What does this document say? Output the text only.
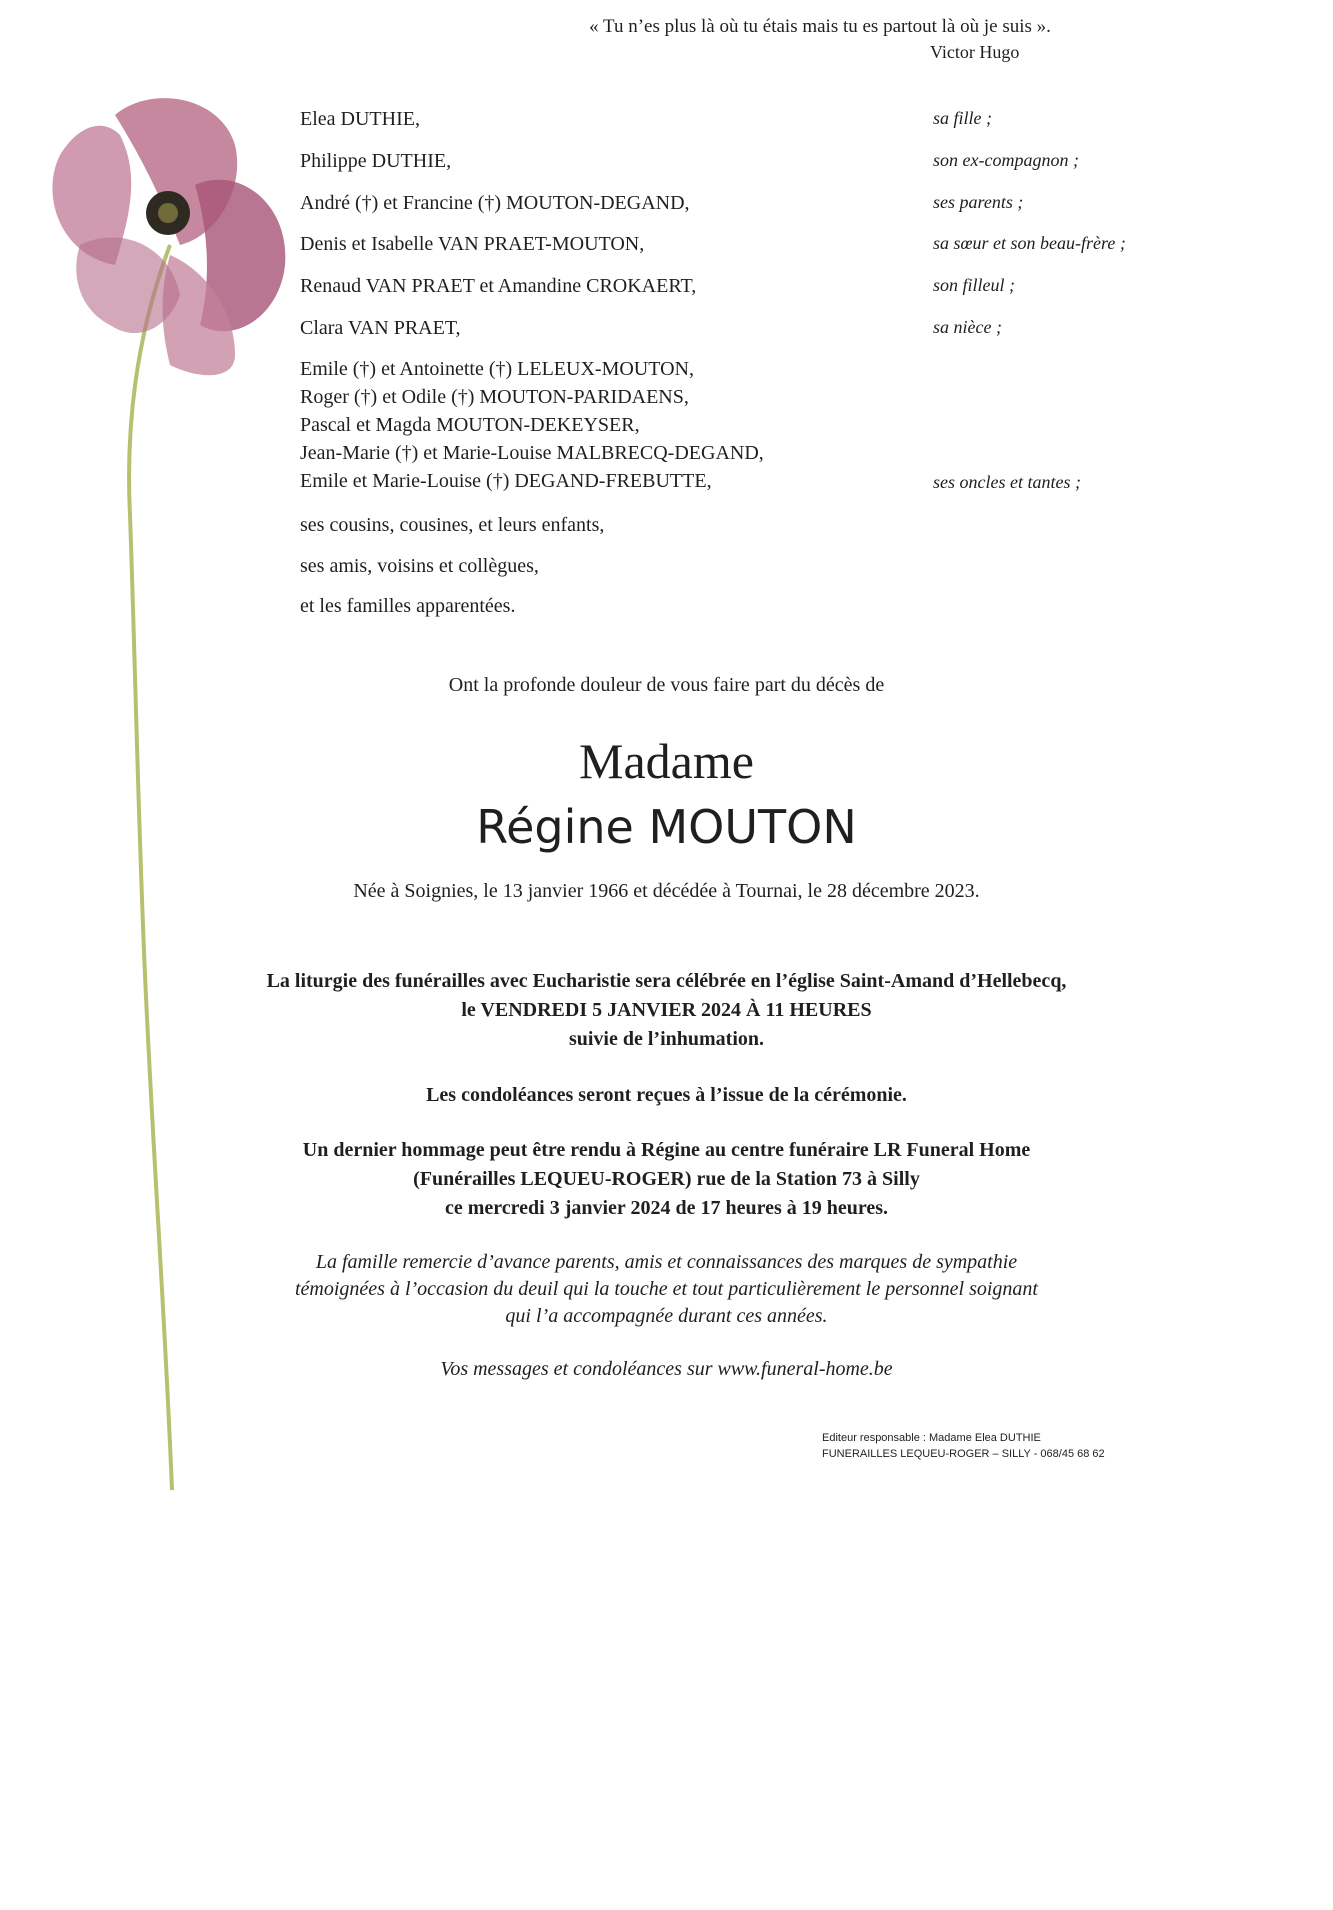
« Tu n’es plus là où tu étais mais tu es partout là où je suis ».
Victor Hugo
Elea DUTHIE,	sa fille ;
Philippe DUTHIE,	son ex-compagnon ;
André (†) et Francine (†) MOUTON-DEGAND,	ses parents ;
Denis et Isabelle VAN PRAET-MOUTON,	sa sœur et son beau-frère ;
Renaud VAN PRAET et Amandine CROKAERT,	son filleul ;
Clara VAN PRAET,	sa nièce ;
Emile (†) et Antoinette (†) LELEUX-MOUTON,
Roger (†) et Odile (†) MOUTON-PARIDAENS,
Pascal et Magda MOUTON-DEKEYSER,
Jean-Marie (†) et Marie-Louise MALBRECQ-DEGAND,
Emile et Marie-Louise (†) DEGAND-FREBUTTE,	ses oncles et tantes ;
ses cousins, cousines, et leurs enfants,
ses amis, voisins et collègues,
et les familles apparentées.
Ont la profonde douleur de vous faire part du décès de
Madame
Régine MOUTON
Née à Soignies, le 13 janvier 1966 et décédée à Tournai, le 28 décembre 2023.
La liturgie des funérailles avec Eucharistie sera célébrée en l’église Saint-Amand d’Hellebecq,
le VENDREDI 5 JANVIER 2024 À 11 HEURES
suivie de l’inhumation.
Les condoléances seront reçues à l’issue de la cérémonie.
Un dernier hommage peut être rendu à Régine au centre funéraire LR Funeral Home
(Funérailles LEQUEU-ROGER) rue de la Station 73 à Silly
ce mercredi 3 janvier 2024 de 17 heures à 19 heures.
La famille remercie d’avance parents, amis et connaissances des marques de sympathie
témoignées à l’occasion du deuil qui la touche et tout particulièrement le personnel soignant
qui l’a accompagnée durant ces années.
Vos messages et condoléances sur www.funeral-home.be
Editeur responsable : Madame Elea DUTHIE
FUNERAILLES LEQUEU-ROGER – SILLY - 068/45 68 62
